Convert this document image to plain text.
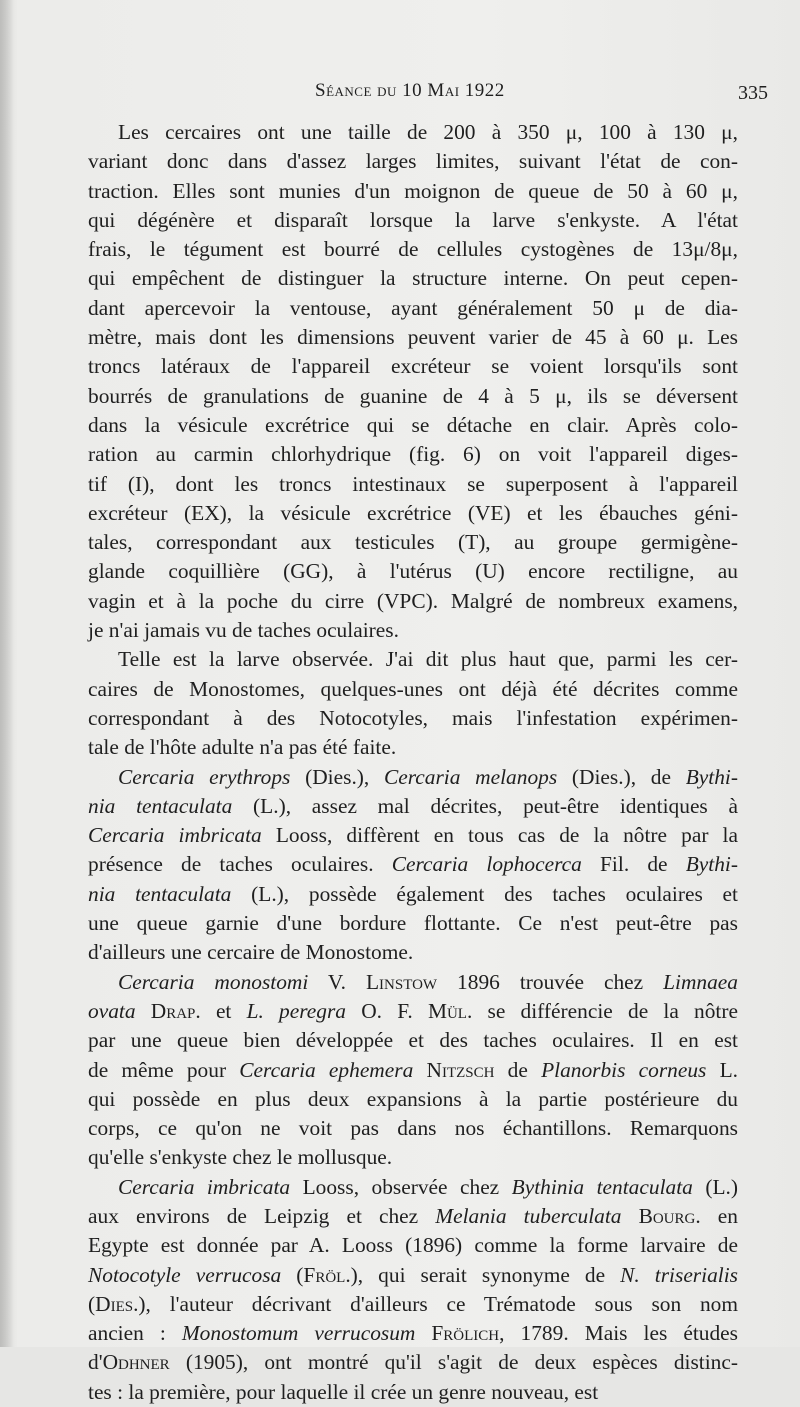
Séance du 10 Mai 1922	335
Les cercaires ont une taille de 200 à 350 μ, 100 à 130 μ,
variant donc dans d'assez larges limites, suivant l'état de con-
traction. Elles sont munies d'un moignon de queue de 50 à 60 μ,
qui dégénère et disparaît lorsque la larve s'enkyste. A l'état
frais, le tégument est bourré de cellules cystogènes de 13μ/8μ,
qui empêchent de distinguer la structure interne. On peut cepen-
dant apercevoir la ventouse, ayant généralement 50 μ de dia-
mètre, mais dont les dimensions peuvent varier de 45 à 60 μ. Les
troncs latéraux de l'appareil excréteur se voient lorsqu'ils sont
bourrés de granulations de guanine de 4 à 5 μ, ils se déversent
dans la vésicule excrétrice qui se détache en clair. Après colo-
ration au carmin chlorhydrique (fig. 6) on voit l'appareil diges-
tif (I), dont les troncs intestinaux se superposent à l'appareil
excréteur (EX), la vésicule excrétrice (VE) et les ébauches géni-
tales, correspondant aux testicules (T), au groupe germigène-
glande coquillière (GG), à l'utérus (U) encore rectiligne, au
vagin et à la poche du cirre (VPC). Malgré de nombreux examens,
je n'ai jamais vu de taches oculaires.
Telle est la larve observée. J'ai dit plus haut que, parmi les cer-
caires de Monostomes, quelques-unes ont déjà été décrites comme
correspondant à des Notocotyles, mais l'infestation expérimen-
tale de l'hôte adulte n'a pas été faite.
Cercaria erythrops (Dies.), Cercaria melanops (Dies.), de Bythi-
nia tentaculata (L.), assez mal décrites, peut-être identiques à
Cercaria imbricata Looss, diffèrent en tous cas de la nôtre par la
présence de taches oculaires. Cercaria lophocerca Fil. de Bythi-
nia tentaculata (L.), possède également des taches oculaires et
une queue garnie d'une bordure flottante. Ce n'est peut-être pas
d'ailleurs une cercaire de Monostome.
Cercaria monostomi V. Linstow 1896 trouvée chez Limnaea
ovata Drap. et L. peregra O. F. Mül. se différencie de la nôtre
par une queue bien développée et des taches oculaires. Il en est
de même pour Cercaria ephemera Nitzsch de Planorbis corneus L.
qui possède en plus deux expansions à la partie postérieure du
corps, ce qu'on ne voit pas dans nos échantillons. Remarquons
qu'elle s'enkyste chez le mollusque.
Cercaria imbricata Looss, observée chez Bythinia tentaculata (L.)
aux environs de Leipzig et chez Melania tuberculata Bourg. en
Egypte est donnée par A. Looss (1896) comme la forme larvaire de
Notocotyle verrucosa (Fröl.), qui serait synonyme de N. triserialis
(Dies.), l'auteur décrivant d'ailleurs ce Trématode sous son nom
ancien : Monostomum verrucosum Frölich, 1789. Mais les études
d'Odhner (1905), ont montré qu'il s'agit de deux espèces distinc-
tes : la première, pour laquelle il crée un genre nouveau, est
